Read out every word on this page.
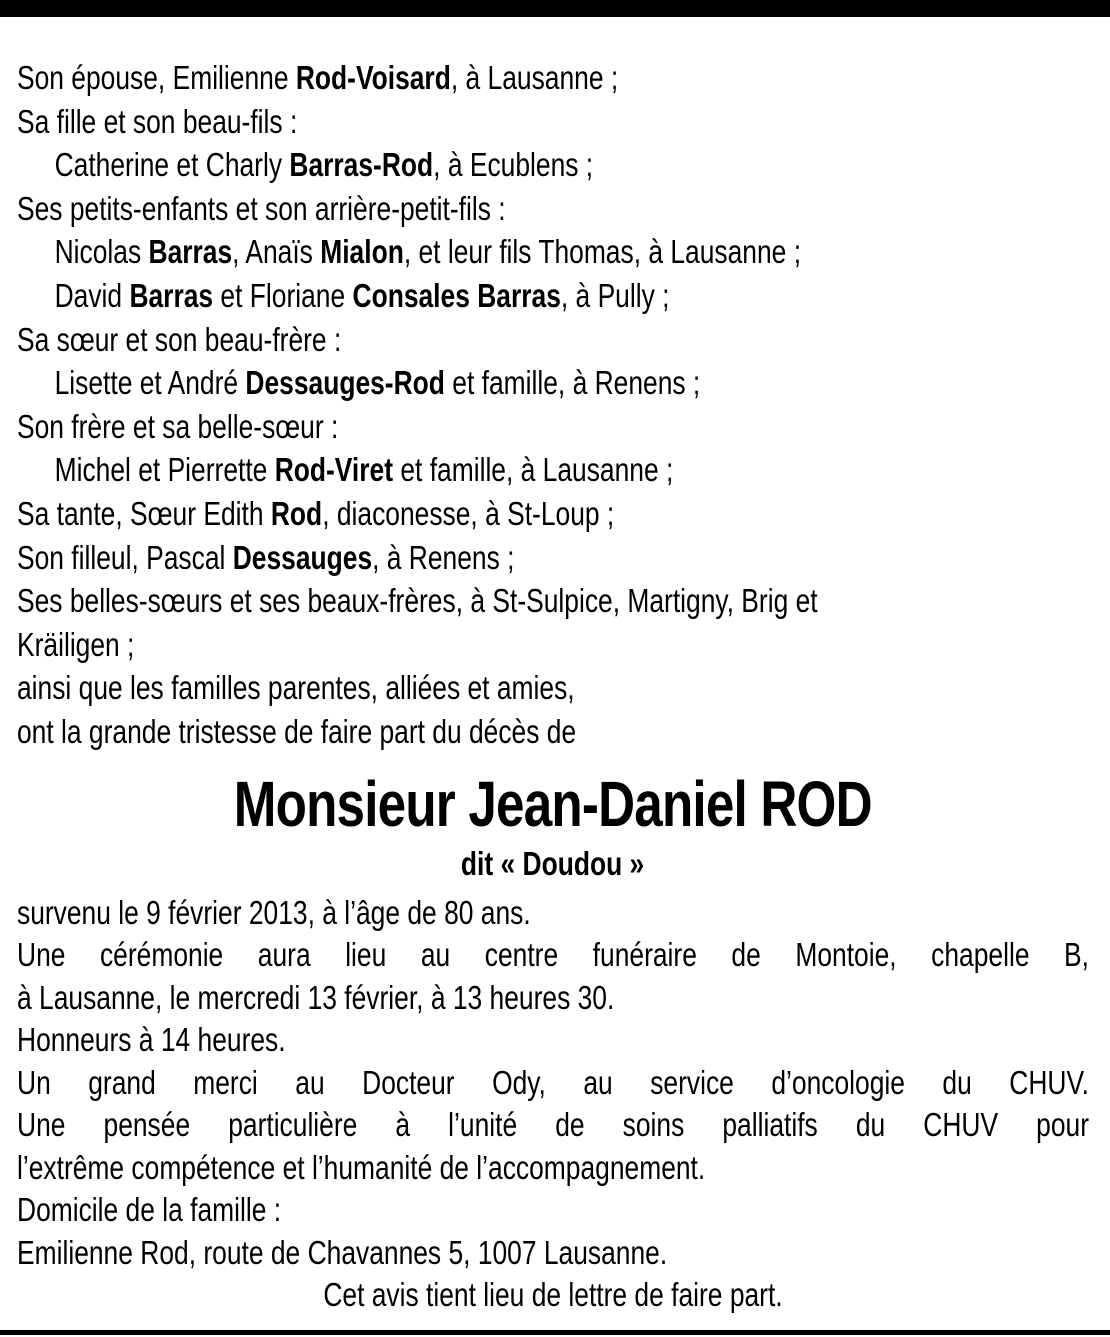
Son épouse, Emilienne Rod-Voisard, à Lausanne ;
Sa fille et son beau-fils :
Catherine et Charly Barras-Rod, à Ecublens ;
Ses petits-enfants et son arrière-petit-fils :
Nicolas Barras, Anaïs Mialon, et leur fils Thomas, à Lausanne ;
David Barras et Floriane Consales Barras, à Pully ;
Sa sœur et son beau-frère :
Lisette et André Dessauges-Rod et famille, à Renens ;
Son frère et sa belle-sœur :
Michel et Pierrette Rod-Viret et famille, à Lausanne ;
Sa tante, Sœur Edith Rod, diaconesse, à St-Loup ;
Son filleul, Pascal Dessauges, à Renens ;
Ses belles-sœurs et ses beaux-frères, à St-Sulpice, Martigny, Brig et
Kräiligen ;
ainsi que les familles parentes, alliées et amies,
ont la grande tristesse de faire part du décès de
Monsieur Jean-Daniel ROD
dit « Doudou »
survenu le 9 février 2013, à l’âge de 80 ans.
Une cérémonie aura lieu au centre funéraire de Montoie, chapelle B,
à Lausanne, le mercredi 13 février, à 13 heures 30.
Honneurs à 14 heures.
Un grand merci au Docteur Ody, au service d’oncologie du CHUV.
Une pensée particulière à l’unité de soins palliatifs du CHUV pour
l’extrême compétence et l’humanité de l’accompagnement.
Domicile de la famille :
Emilienne Rod, route de Chavannes 5, 1007 Lausanne.
Cet avis tient lieu de lettre de faire part.
